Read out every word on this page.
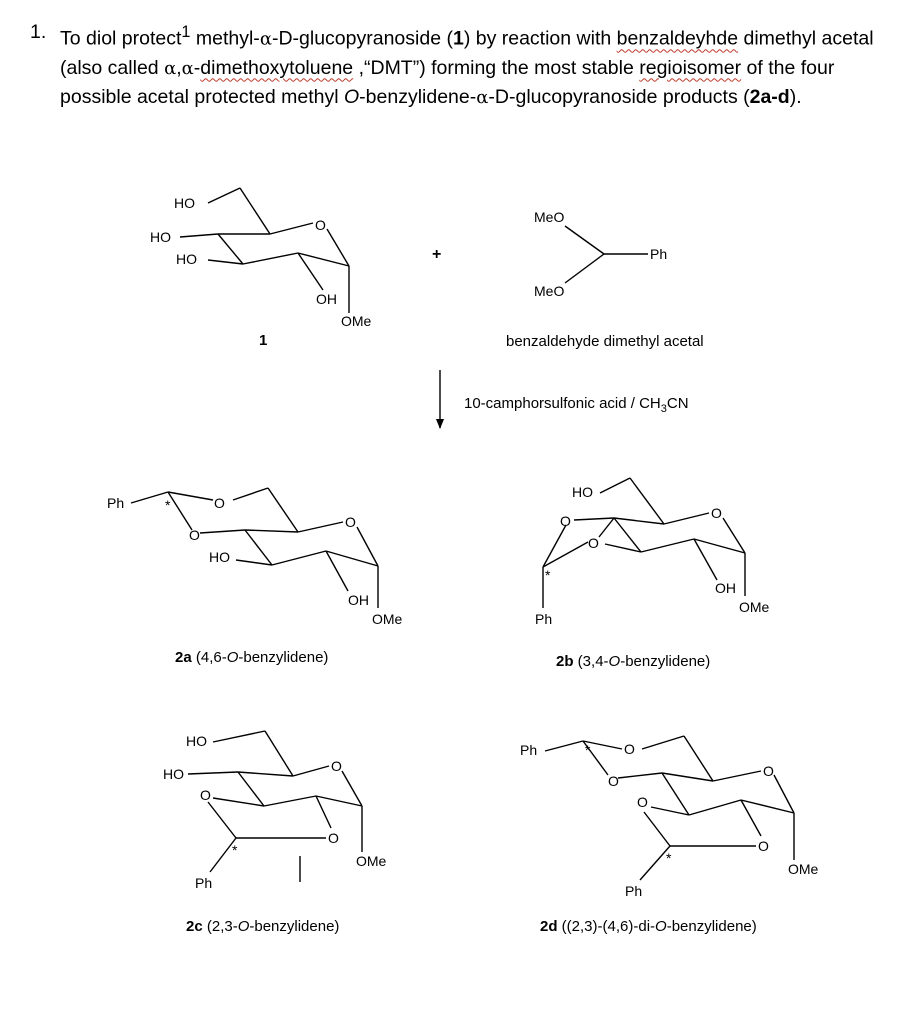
1. To diol protect$^1$ methyl-α-D-glucopyranoside (1) by reaction with benzaldeyhde dimethyl acetal (also called α,α-dimethoxytoluene ,“DMT”) forming the most stable regioisomer of the four possible acetal protected methyl O-benzylidene-α-D-glucopyranoside products (2a-d).

HO
HO
HO
O
OH
OMe
1
+
MeO
MeO
Ph
benzaldehyde dimethyl acetal
10-camphorsulfonic acid / $CH_3CN$
Ph	*	O
O
O
HO
OH
OMe
2a (4,6-O-benzylidene)
HO
O
O
O
*
Ph
OH
OMe
2b (3,4-O-benzylidene)
HO
HO	O
O
O
*
Ph
OMe
2c (2,3-O-benzylidene)
Ph	* O
O
O
O
O
*
Ph
OMe
2d ((2,3)-(4,6)-di-O-benzylidene)
